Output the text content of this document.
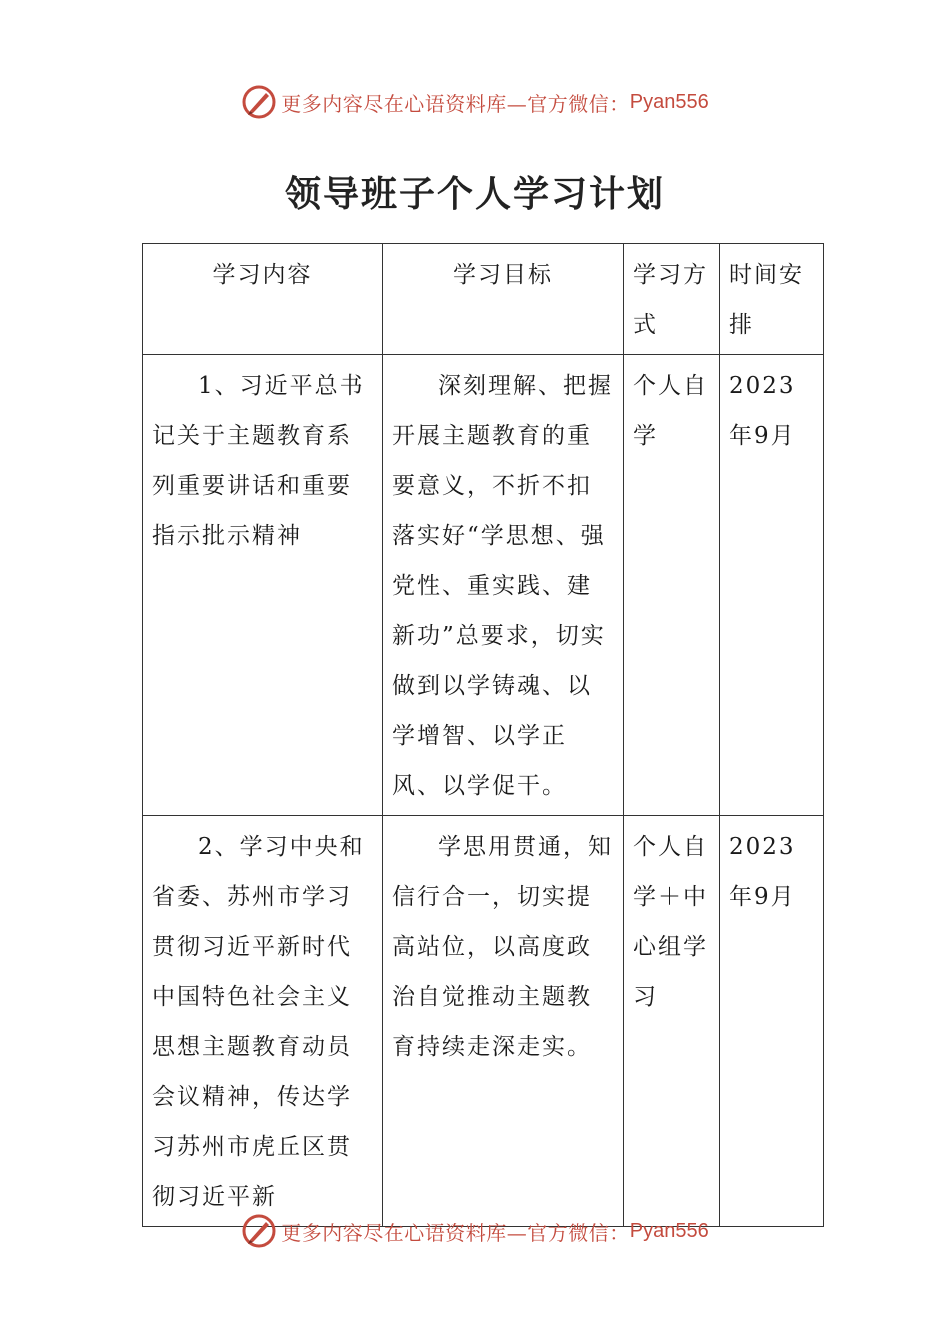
更多内容尽在心语资料库—官方微信： Pyan556
领导班子个人学习计划
学习内容	学习目标	学习方式	时间安排

1、习近平总书记关于主题教育系列重要讲话和重要指示批示精神	深刻理解、把握开展主题教育的重要意义，不折不扣落实好“学思想、强党性、重实践、建新功”总要求，切实做到以学铸魂、以学增智、以学正风、以学促干。	个人自学	2023年9月

2、学习中央和省委、苏州市学习贯彻习近平新时代中国特色社会主义思想主题教育动员会议精神，传达学习苏州市虎丘区贯彻习近平新	学思用贯通，知信行合一，切实提高站位，以高度政治自觉推动主题教育持续走深走实。	个人自学＋中心组学习	2023年9月
更多内容尽在心语资料库—官方微信： Pyan556
